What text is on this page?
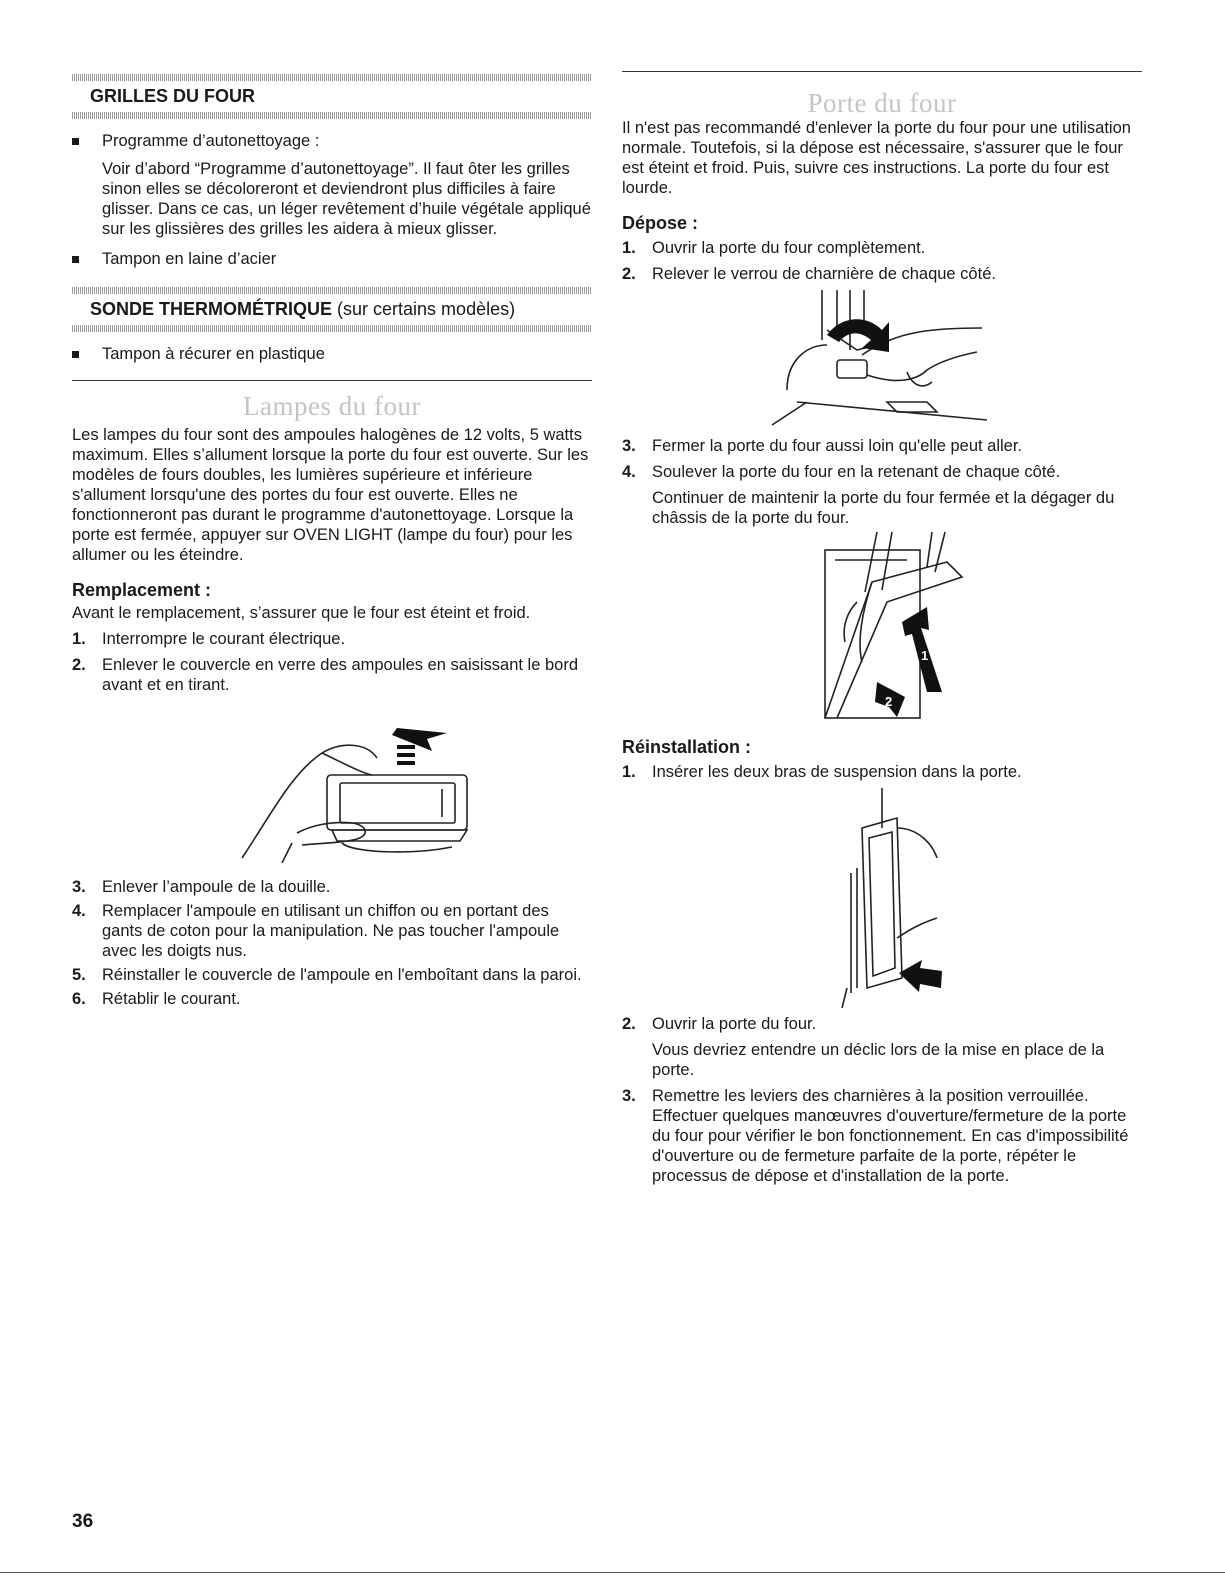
GRILLES DU FOUR

Programme d’autonettoyage :

Voir d’abord “Programme d’autonettoyage”. Il faut ôter les grilles sinon elles se décoloreront et deviendront plus difficiles à faire glisser. Dans ce cas, un léger revêtement d’huile végétale appliqué sur les glissières des grilles les aidera à mieux glisser.

Tampon en laine d’acier

SONDE THERMOMÉTRIQUE (sur certains modèles)

Tampon à récurer en plastique

Lampes du four

Les lampes du four sont des ampoules halogènes de 12 volts, 5 watts maximum. Elles s’allument lorsque la porte du four est ouverte. Sur les modèles de fours doubles, les lumières supérieure et inférieure s'allument lorsqu'une des portes du four est ouverte. Elles ne fonctionneront pas durant le programme d'autonettoyage. Lorsque la porte est fermée, appuyer sur OVEN LIGHT (lampe du four) pour les allumer ou les éteindre.

Remplacement :

Avant le remplacement, s’assurer que le four est éteint et froid.

1. Interrompre le courant électrique.

2. Enlever le couvercle en verre des ampoules en saisissant le bord avant et en tirant.

3. Enlever l’ampoule de la douille.

4. Remplacer l'ampoule en utilisant un chiffon ou en portant des gants de coton pour la manipulation. Ne pas toucher l'ampoule avec les doigts nus.

5. Réinstaller le couvercle de l'ampoule en l'emboîtant dans la paroi.

6. Rétablir le courant.

Porte du four

Il n'est pas recommandé d'enlever la porte du four pour une utilisation normale. Toutefois, si la dépose est nécessaire, s'assurer que le four est éteint et froid. Puis, suivre ces instructions. La porte du four est lourde.

Dépose :
1. Ouvrir la porte du four complètement.

2. Relever le verrou de charnière de chaque côté.

3. Fermer la porte du four aussi loin qu'elle peut aller.

4. Soulever la porte du four en la retenant de chaque côté.

Continuer de maintenir la porte du four fermée et la dégager du châssis de la porte du four.

1
2
Réinstallation :
1. Insérer les deux bras de suspension dans la porte.

2. Ouvrir la porte du four.

Vous devriez entendre un déclic lors de la mise en place de la porte.

3. Remettre les leviers des charnières à la position verrouillée. Effectuer quelques manœuvres d'ouverture/fermeture de la porte du four pour vérifier le bon fonctionnement. En cas d'impossibilité d'ouverture ou de fermeture parfaite de la porte, répéter le processus de dépose et d'installation de la porte.

36
